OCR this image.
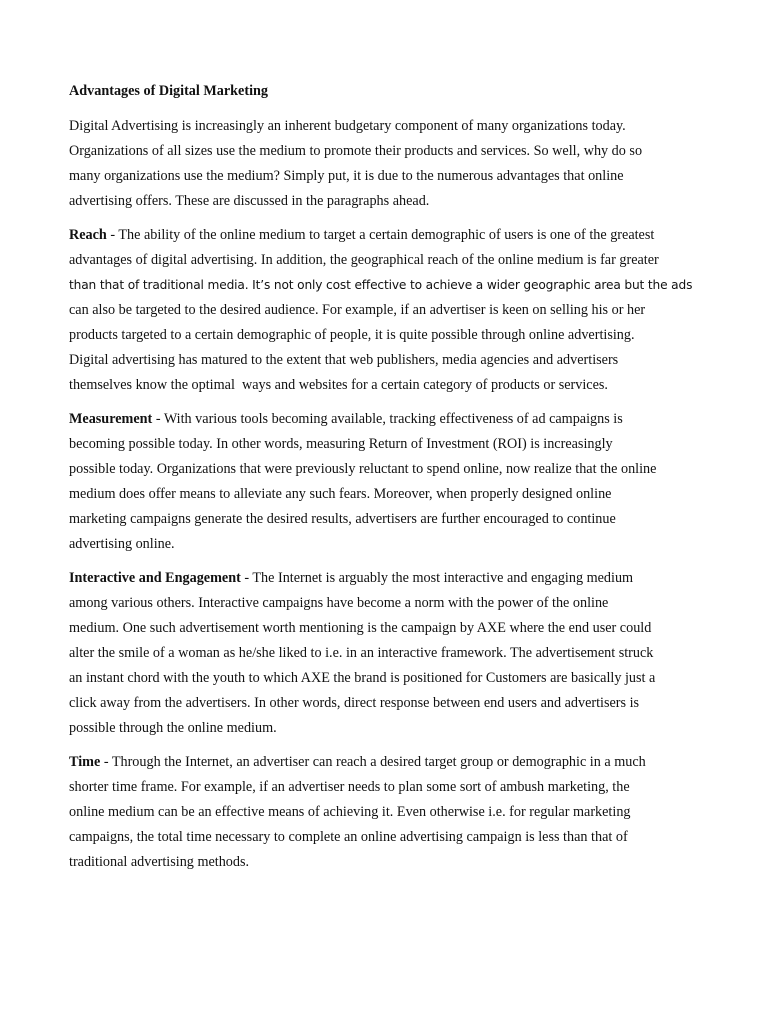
Advantages of Digital Marketing
Digital Advertising is increasingly an inherent budgetary component of many organizations today.
Organizations of all sizes use the medium to promote their products and services. So well, why do so
many organizations use the medium? Simply put, it is due to the numerous advantages that online
advertising offers. These are discussed in the paragraphs ahead.
Reach - The ability of the online medium to target a certain demographic of users is one of the greatest
advantages of digital advertising. In addition, the geographical reach of the online medium is far greater
than that of traditional media. It’s not only cost effective to achieve a wider geographic area but the ads
can also be targeted to the desired audience. For example, if an advertiser is keen on selling his or her
products targeted to a certain demographic of people, it is quite possible through online advertising.
Digital advertising has matured to the extent that web publishers, media agencies and advertisers
themselves know the optimal  ways and websites for a certain category of products or services.
Measurement - With various tools becoming available, tracking effectiveness of ad campaigns is
becoming possible today. In other words, measuring Return of Investment (ROI) is increasingly
possible today. Organizations that were previously reluctant to spend online, now realize that the online
medium does offer means to alleviate any such fears. Moreover, when properly designed online
marketing campaigns generate the desired results, advertisers are further encouraged to continue
advertising online.
Interactive and Engagement - The Internet is arguably the most interactive and engaging medium
among various others. Interactive campaigns have become a norm with the power of the online
medium. One such advertisement worth mentioning is the campaign by AXE where the end user could
alter the smile of a woman as he/she liked to i.e. in an interactive framework. The advertisement struck
an instant chord with the youth to which AXE the brand is positioned for Customers are basically just a
click away from the advertisers. In other words, direct response between end users and advertisers is
possible through the online medium.
Time - Through the Internet, an advertiser can reach a desired target group or demographic in a much
shorter time frame. For example, if an advertiser needs to plan some sort of ambush marketing, the
online medium can be an effective means of achieving it. Even otherwise i.e. for regular marketing
campaigns, the total time necessary to complete an online advertising campaign is less than that of
traditional advertising methods.
